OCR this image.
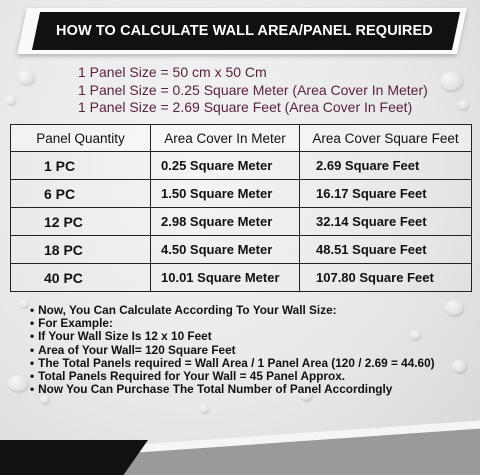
HOW TO CALCULATE WALL AREA/PANEL REQUIRED
1 Panel Size = 50 cm x 50 Cm
1 Panel Size = 0.25 Square Meter (Area Cover In Meter)
1 Panel Size = 2.69 Square Feet (Area Cover In Feet)
Panel Quantity	Area Cover In Meter	Area Cover Square Feet
1 PC	0.25 Square Meter	2.69 Square Feet
6 PC	1.50 Square Meter	16.17 Square Feet
12 PC	2.98 Square Meter	32.14 Square Feet
18 PC	4.50 Square Meter	48.51 Square Feet
40 PC	10.01 Square Meter	107.80 Square Feet
• Now, You Can Calculate According To Your Wall Size:
• For Example:
• If Your Wall Size Is 12 x 10 Feet
• Area of Your Wall= 120 Square Feet
• The Total Panels required = Wall Area / 1 Panel Area (120 / 2.69 = 44.60)
• Total Panels Required for Your Wall = 45 Panel Approx.
• Now You Can Purchase The Total Number of Panel Accordingly
